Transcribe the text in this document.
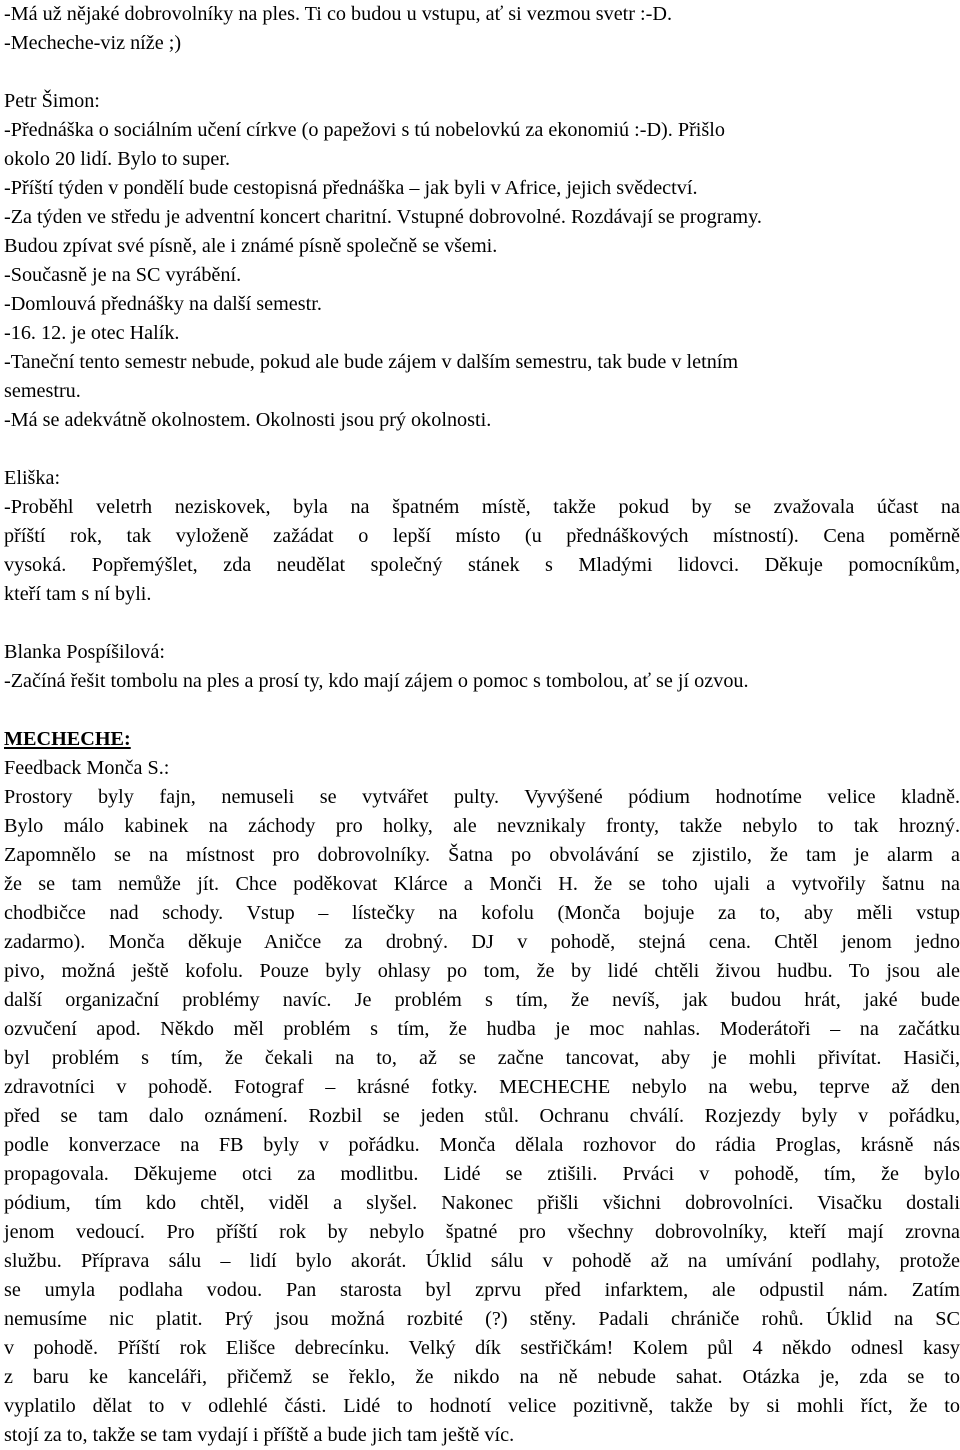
-Má už nějaké dobrovolníky na ples. Ti co budou u vstupu, ať si vezmou svetr :-D.
-Mecheche-viz níže ;)
Petr Šimon:
-Přednáška o sociálním učení církve (o papežovi s tú nobelovkú za ekonomiú :-D). Přišlo
okolo 20 lidí. Bylo to super.
-Příští týden v pondělí bude cestopisná přednáška – jak byli v Africe, jejich svědectví.
-Za týden ve středu je adventní koncert charitní. Vstupné dobrovolné. Rozdávají se programy.
Budou zpívat své písně, ale i známé písně společně se všemi.
-Současně je na SC vyrábění.
-Domlouvá přednášky na další semestr.
-16. 12. je otec Halík.
-Taneční tento semestr nebude, pokud ale bude zájem v dalším semestru, tak bude v letním
semestru.
-Má se adekvátně okolnostem. Okolnosti jsou prý okolnosti.
Eliška:
-Proběhl veletrh neziskovek, byla na špatném místě, takže pokud by se zvažovala účast na
příští rok, tak vyloženě zažádat o lepší místo (u přednáškových místností). Cena poměrně
vysoká. Popřemýšlet, zda neudělat společný stánek s Mladými lidovci. Děkuje pomocníkům,
kteří tam s ní byli.
Blanka Pospíšilová:
-Začíná řešit tombolu na ples a prosí ty, kdo mají zájem o pomoc s tombolou, ať se jí ozvou.
MECHECHE:
Feedback Monča S.:
Prostory byly fajn, nemuseli se vytvářet pulty. Vyvýšené pódium hodnotíme velice kladně.
Bylo málo kabinek na záchody pro holky, ale nevznikaly fronty, takže nebylo to tak hrozný.
Zapomnělo se na místnost pro dobrovolníky. Šatna po obvolávání se zjistilo, že tam je alarm a
že se tam nemůže jít. Chce poděkovat Klárce a Monči H. že se toho ujali a vytvořily šatnu na
chodbičce nad schody. Vstup – lístečky na kofolu (Monča bojuje za to, aby měli vstup
zadarmo). Monča děkuje Aničce za drobný. DJ v pohodě, stejná cena. Chtěl jenom jedno
pivo, možná ještě kofolu. Pouze byly ohlasy po tom, že by lidé chtěli živou hudbu. To jsou ale
další organizační problémy navíc. Je problém s tím, že nevíš, jak budou hrát, jaké bude
ozvučení apod. Někdo měl problém s tím, že hudba je moc nahlas. Moderátoři – na začátku
byl problém s tím, že čekali na to, až se začne tancovat, aby je mohli přivítat. Hasiči,
zdravotníci v pohodě. Fotograf – krásné fotky. MECHECHE nebylo na webu, teprve až den
před se tam dalo oznámení. Rozbil se jeden stůl. Ochranu chválí. Rozjezdy byly v pořádku,
podle konverzace na FB byly v pořádku. Monča dělala rozhovor do rádia Proglas, krásně nás
propagovala. Děkujeme otci za modlitbu. Lidé se ztišili. Prváci v pohodě, tím, že bylo
pódium, tím kdo chtěl, viděl a slyšel. Nakonec přišli všichni dobrovolníci. Visačku dostali
jenom vedoucí. Pro příští rok by nebylo špatné pro všechny dobrovolníky, kteří mají zrovna
službu. Příprava sálu – lidí bylo akorát. Úklid sálu v pohodě až na umívání podlahy, protože
se umyla podlaha vodou. Pan starosta byl zprvu před infarktem, ale odpustil nám. Zatím
nemusíme nic platit. Prý jsou možná rozbité (?) stěny. Padali chrániče rohů. Úklid na SC
v pohodě. Příští rok Elišce debrecínku. Velký dík sestřičkám! Kolem půl 4 někdo odnesl kasy
z baru ke kanceláři, přičemž se řeklo, že nikdo na ně nebude sahat. Otázka je, zda se to
vyplatilo dělat to v odlehlé části. Lidé to hodnotí velice pozitivně, takže by si mohli říct, že to
stojí za to, takže se tam vydají i příště a bude jich tam ještě víc.
